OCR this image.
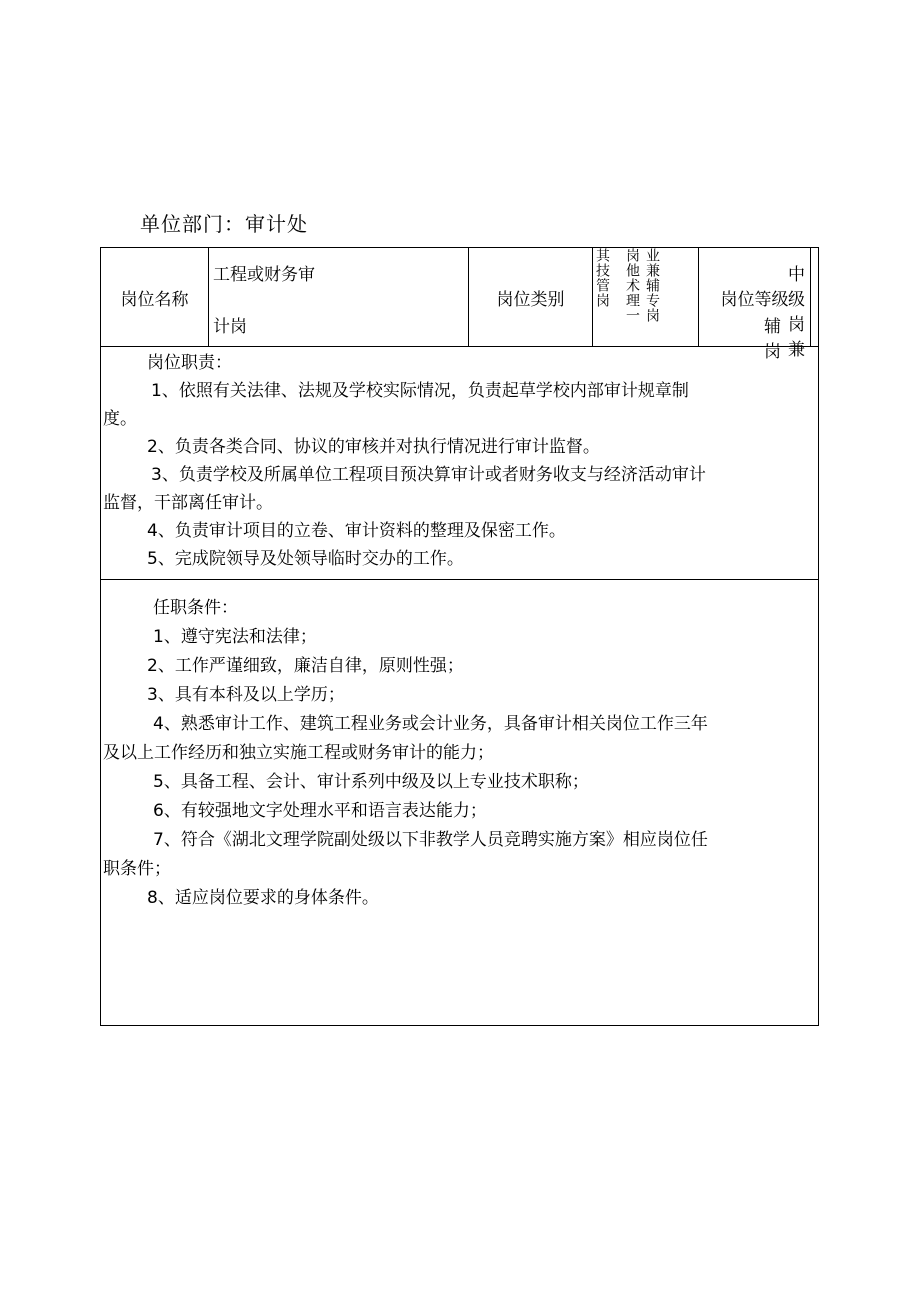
单位部门：审计处
岗位名称
工程或财务审
计岗
岗位类别	其技管岗 岗他术理一 业兼辅专岗	岗位等级
中级岗兼
辅岗
岗位职责：
1、依照有关法律、法规及学校实际情况，负责起草学校内部审计规章制
度。
2、负责各类合同、协议的审核并对执行情况进行审计监督。
3、负责学校及所属单位工程项目预决算审计或者财务收支与经济活动审计
监督，干部离任审计。
4、负责审计项目的立卷、审计资料的整理及保密工作。
5、完成院领导及处领导临时交办的工作。
任职条件：
1、遵守宪法和法律；
2、工作严谨细致，廉洁自律，原则性强；
3、具有本科及以上学历；
4、熟悉审计工作、建筑工程业务或会计业务，具备审计相关岗位工作三年
及以上工作经历和独立实施工程或财务审计的能力；
5、具备工程、会计、审计系列中级及以上专业技术职称；
6、有较强地文字处理水平和语言表达能力；
7、符合《湖北文理学院副处级以下非教学人员竞聘实施方案》相应岗位任
职条件；
8、适应岗位要求的身体条件。
